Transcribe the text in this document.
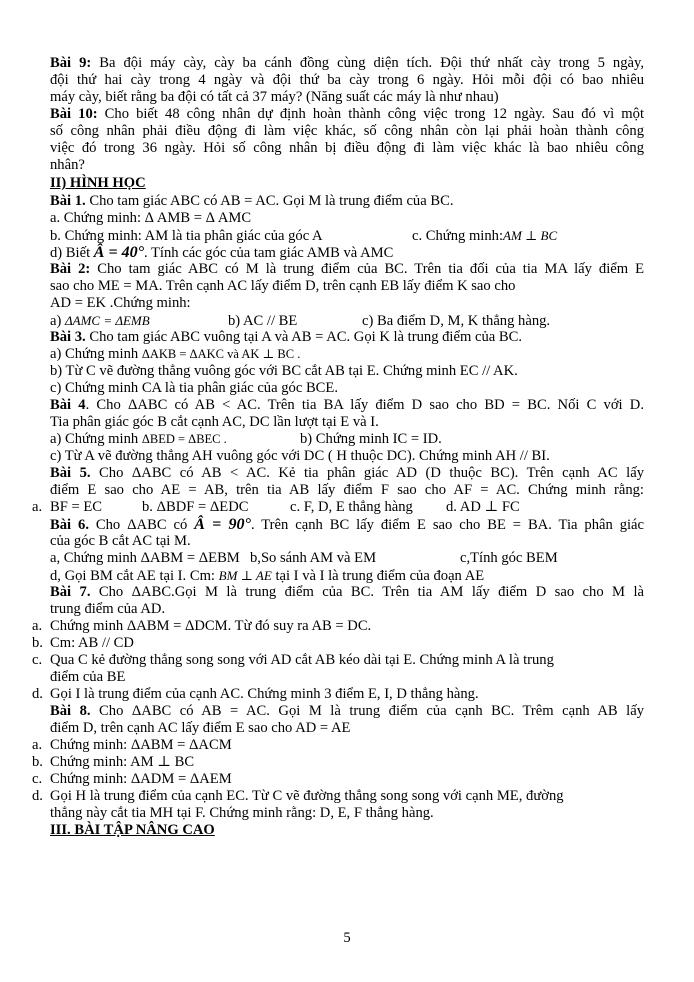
Bài 9: Ba đội máy cày, cày ba cánh đồng cùng diện tích. Đội thứ nhất cày trong 5 ngày,
đội thứ hai cày trong 4 ngày và đội thứ ba cày trong 6 ngày. Hỏi mỗi đội có bao nhiêu
máy cày, biết rằng ba đội có tất cả 37 máy? (Năng suất các máy là như nhau)
Bài 10: Cho biết 48 công nhân dự định hoàn thành công việc trong 12 ngày. Sau đó vì một
số công nhân phải điều động đi làm việc khác, số công nhân còn lại phải hoàn thành công
việc đó trong 36 ngày. Hỏi số công nhân bị điều động đi làm việc khác là bao nhiêu công
nhân?
II) HÌNH HỌC
Bài 1. Cho tam giác ABC có AB = AC. Gọi M là trung điểm của BC.
a. Chứng minh: Δ AMB = Δ AMC
b. Chứng minh: AM là tia phân giác của góc A	c. Chứng minh:AM ⊥ BC
d) Biết Â = 40°. Tính các góc của tam giác AMB và AMC
Bài 2: Cho tam giác ABC có M là trung điểm của BC. Trên tia đối của tia MA lấy điểm E
sao cho ME = MA. Trên cạnh AC lấy điểm D, trên cạnh EB lấy điểm K sao cho
AD = EK .Chứng minh:
a) ΔAMC = ΔEMB	b) AC // BE	c) Ba điểm D, M, K thẳng hàng.
Bài 3. Cho tam giác ABC vuông tại A và AB = AC. Gọi K là trung điểm của BC.
a) Chứng minh ΔAKB = ΔAKC và AK ⊥ BC .
b) Từ C vẽ đường thẳng vuông góc với BC cắt AB tại E. Chứng minh EC // AK.
c) Chứng minh CA là tia phân giác của góc BCE.
Bài 4. Cho ΔABC có AB < AC. Trên tia BA lấy điểm D sao cho BD = BC. Nối C với D.
Tia phân giác góc B cắt cạnh AC, DC lần lượt tại E và I.
a) Chứng minh ΔBED = ΔBEC .	b) Chứng minh IC = ID.
c) Từ A vẽ đường thẳng AH vuông góc với DC ( H thuộc DC). Chứng minh AH // BI.
Bài 5. Cho ΔABC có AB < AC. Kẻ tia phân giác AD (D thuộc BC). Trên cạnh AC lấy
điểm E sao cho AE = AB, trên tia AB lấy điểm F sao cho AF = AC. Chứng minh rằng:
a. BF = EC	b. ΔBDF = ΔEDC	c. F, D, E thẳng hàng d. AD ⊥ FC
Bài 6. Cho ΔABC có Â = 90°. Trên cạnh BC lấy điểm E sao cho BE = BA. Tia phân giác
của góc B cắt AC tại M.
a, Chứng minh ΔABM = ΔEBM b,So sánh AM và EM	c,Tính góc BEM
d, Gọi BM cắt AE tại I. Cm: BM ⊥ AE tại I và I là trung điểm của đoạn AE
Bài 7. Cho ΔABC.Gọi M là trung điểm của BC. Trên tia AM lấy điểm D sao cho M là
trung điểm của AD.
a. Chứng minh ΔABM = ΔDCM. Từ đó suy ra AB = DC.
b. Cm: AB // CD
c. Qua C kẻ đường thẳng song song với AD cắt AB kéo dài tại E. Chứng minh A là trung
điểm của BE
d. Gọi I là trung điểm của cạnh AC. Chứng minh 3 điểm E, I, D thẳng hàng.
Bài 8. Cho ΔABC có AB = AC. Gọi M là trung điểm của cạnh BC. Trêm cạnh AB lấy
điểm D, trên cạnh AC lấy điểm E sao cho AD = AE
a. Chứng minh: ΔABM = ΔACM
b. Chứng minh: AM ⊥ BC
c. Chứng minh: ΔADM = ΔAEM
d. Gọi H là trung điểm của cạnh EC. Từ C vẽ đường thẳng song song với cạnh ME, đường
thẳng này cắt tia MH tại F. Chứng minh rằng: D, E, F thẳng hàng.
III. BÀI TẬP NÂNG CAO
5
